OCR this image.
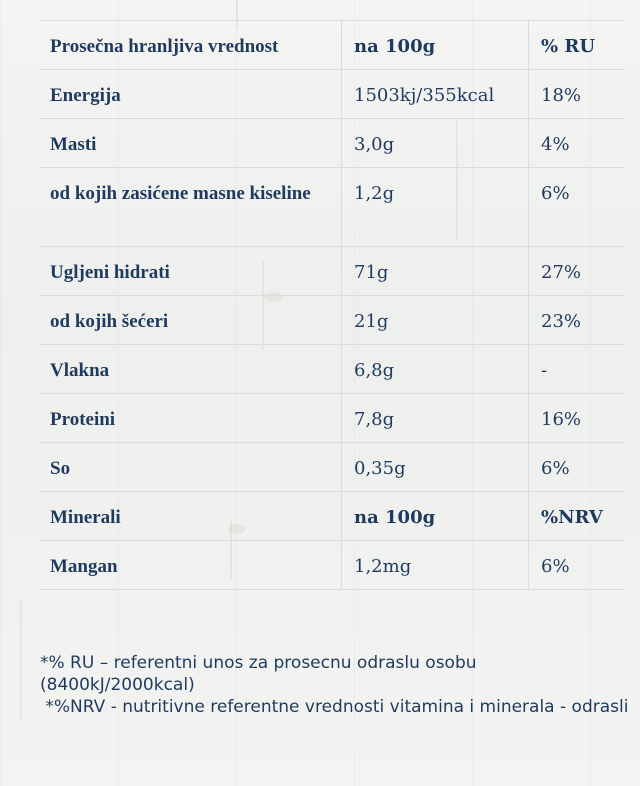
Prosečna hranljiva vrednost	na 100g	% RU
Energija	1503kj/355kcal	18%
Masti	3,0g	4%
od kojih zasićene masne kiseline	1,2g	6%
Ugljeni hidrati	71g	27%
od kojih šećeri	21g	23%
Vlakna	6,8g	-
Proteini	7,8g	16%
So	0,35g	6%
Minerali	na 100g	%NRV
Mangan	1,2mg	6%

*% RU – referentni unos za prosecnu odraslu osobu (8400kJ/2000kcal)

*%NRV - nutritivne referentne vrednosti vitamina i minerala - odrasli
